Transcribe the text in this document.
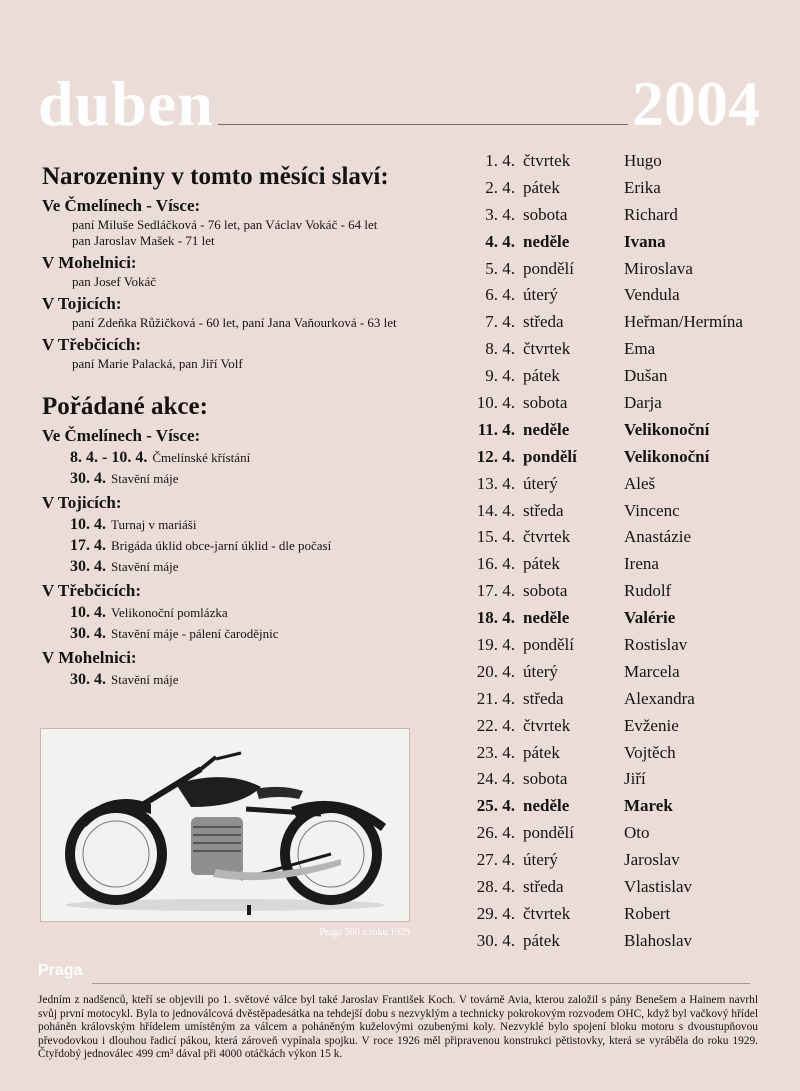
duben	2004
Narozeniny v tomto měsíci slaví:
Ve Čmelínech - Vísce:
paní Miluše Sedláčková - 76 let, pan Václav Vokáč - 64 let
pan Jaroslav Mašek - 71 let
V Mohelnici:
pan Josef Vokáč
V Tojicích:
paní Zdeňka Růžičková - 60 let, paní Jana Vaňourková - 63 let
V Třebčicích:
paní Marie Palacká, pan Jiří Volf
Pořádané akce:
Ve Čmelínech - Vísce:
8. 4. - 10. 4. Čmelínské křístání
30. 4. Stavění máje
V Tojicích:
10. 4. Turnaj v mariáši
17. 4. Brigáda úklid obce-jarní úklid - dle počasí
30. 4. Stavění máje
V Třebčicích:
10. 4. Velikonoční pomlázka
30. 4. Stavění máje - pálení čarodějnic
V Mohelnici:
30. 4. Stavění máje
Praga 500 z roku 1929
1. 4. čtvrtek	Hugo
2. 4. pátek	Erika
3. 4. sobota	Richard
4. 4. neděle	Ivana
5. 4. pondělí	Miroslava
6. 4. úterý	Vendula
7. 4. středa	Heřman/Hermína
8. 4. čtvrtek	Ema
9. 4. pátek	Dušan
10. 4. sobota	Darja
11. 4. neděle	Velikonoční
12. 4. pondělí	Velikonoční
13. 4. úterý	Aleš
14. 4. středa	Vincenc
15. 4. čtvrtek	Anastázie
16. 4. pátek	Irena
17. 4. sobota	Rudolf
18. 4. neděle	Valérie
19. 4. pondělí	Rostislav
20. 4. úterý	Marcela
21. 4. středa	Alexandra
22. 4. čtvrtek	Evženie
23. 4. pátek	Vojtěch
24. 4. sobota	Jiří
25. 4. neděle	Marek
26. 4. pondělí	Oto
27. 4. úterý	Jaroslav
28. 4. středa	Vlastislav
29. 4. čtvrtek	Robert
30. 4. pátek	Blahoslav
Praga
Jedním z nadšenců, kteří se objevili po 1. světové válce byl také Jaroslav František Koch. V továrně Avia, kterou založil s pány Benešem a Hainem navrhl svůj první motocykl. Byla to jednoválcová dvěstěpadesátka na tehdejší dobu s nezvyklým a technicky pokrokovým rozvodem OHC, když byl vačkový hřídel poháněn královským hřídelem umístěným za válcem a poháněným kuželovými ozubenými koly. Nezvyklé bylo spojení bloku motoru s dvoustupňovou převodovkou i dlouhou řadicí pákou, která zároveň vypínala spojku. V roce 1926 měl připravenou konstrukci pětistovky, která se vyráběla do roku 1929. Čtyřdobý jednoválec 499 cm³ dával při 4000 otáčkách výkon 15 k.
